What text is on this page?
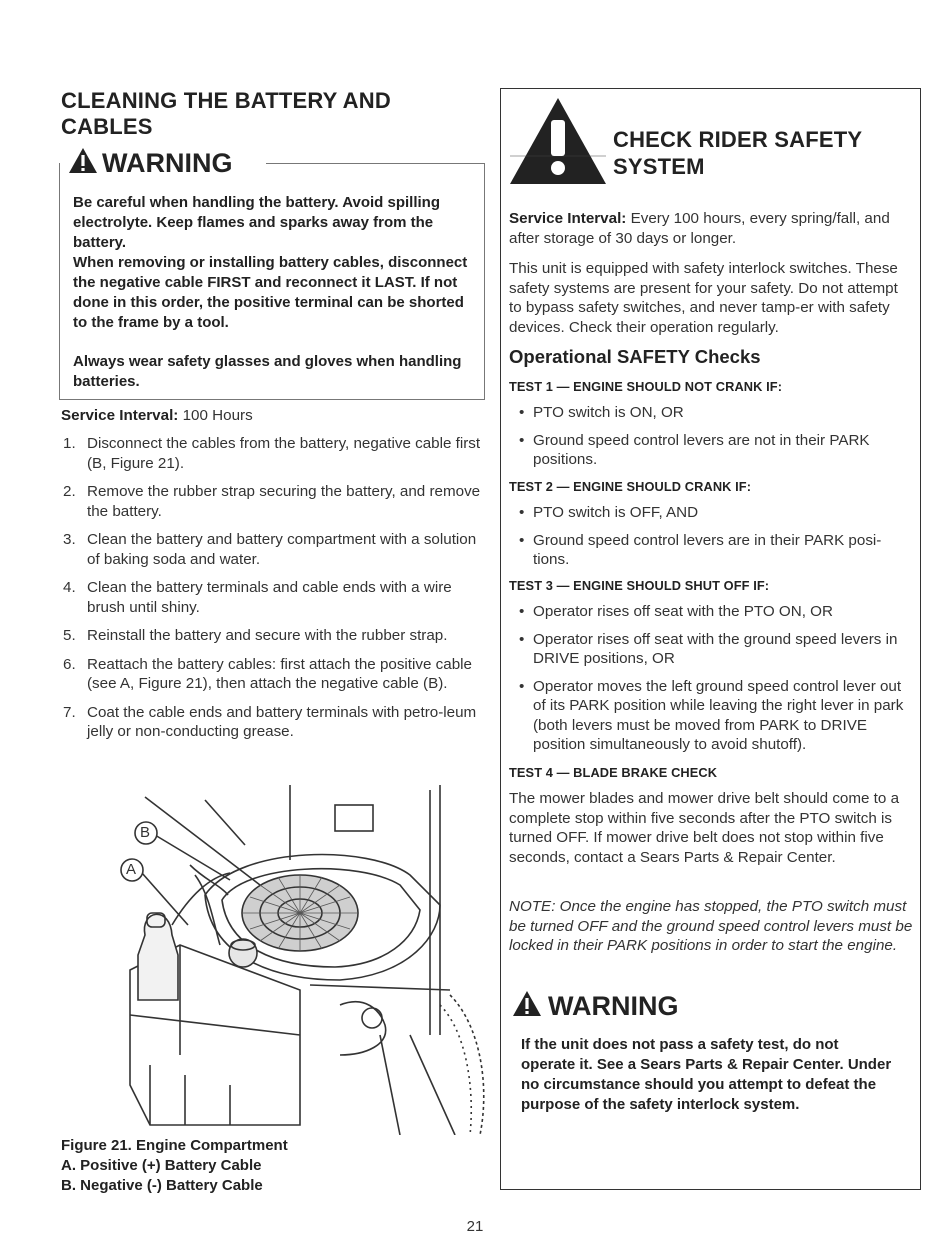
CLEANING THE BATTERY AND CABLES
WARNING
Be careful when handling the battery. Avoid spilling electrolyte. Keep flames and sparks away from the battery.
When removing or installing battery cables, disconnect the negative cable FIRST and reconnect it LAST. If not done in this order, the positive terminal can be shorted to the frame by a tool.
Always wear safety glasses and gloves when handling batteries.
Service Interval: 100 Hours
1. Disconnect the cables from the battery, negative cable first (B, Figure 21).
2. Remove the rubber strap securing the battery, and remove the battery.
3. Clean the battery and battery compartment with a solution of baking soda and water.
4. Clean the battery terminals and cable ends with a wire brush until shiny.
5. Reinstall the battery and secure with the rubber strap.
6. Reattach the battery cables: first attach the positive cable (see A, Figure 21), then attach the negative cable (B).
7. Coat the cable ends and battery terminals with petro-leum jelly or non-conducting grease.
B
A
Figure 21. Engine Compartment
A. Positive (+) Battery Cable
B. Negative (-) Battery Cable
CHECK RIDER SAFETY SYSTEM
Service Interval: Every 100 hours, every spring/fall, and after storage of 30 days or longer.
This unit is equipped with safety interlock switches. These safety systems are present for your safety. Do not attempt to bypass safety switches, and never tamp-er with safety devices. Check their operation regularly.
Operational SAFETY Checks
TEST 1 — ENGINE SHOULD NOT CRANK IF:
• PTO switch is ON, OR
• Ground speed control levers are not in their PARK positions.
TEST 2 — ENGINE SHOULD CRANK IF:
• PTO switch is OFF, AND
• Ground speed control levers are in their PARK posi-tions.
TEST 3 — ENGINE SHOULD SHUT OFF IF:
• Operator rises off seat with the PTO ON, OR
• Operator rises off seat with the ground speed levers in DRIVE positions, OR
• Operator moves the left ground speed control lever out of its PARK position while leaving the right lever in park (both levers must be moved from PARK to DRIVE position simultaneously to avoid shutoff).
TEST 4 — BLADE BRAKE CHECK
The mower blades and mower drive belt should come to a complete stop within five seconds after the PTO switch is turned OFF. If mower drive belt does not stop within five seconds, contact a Sears Parts & Repair Center.
NOTE: Once the engine has stopped, the PTO switch must be turned OFF and the ground speed control levers must be locked in their PARK positions in order to start the engine.
WARNING
If the unit does not pass a safety test, do not operate it. See a Sears Parts & Repair Center. Under no circumstance should you attempt to defeat the purpose of the safety interlock system.
21
